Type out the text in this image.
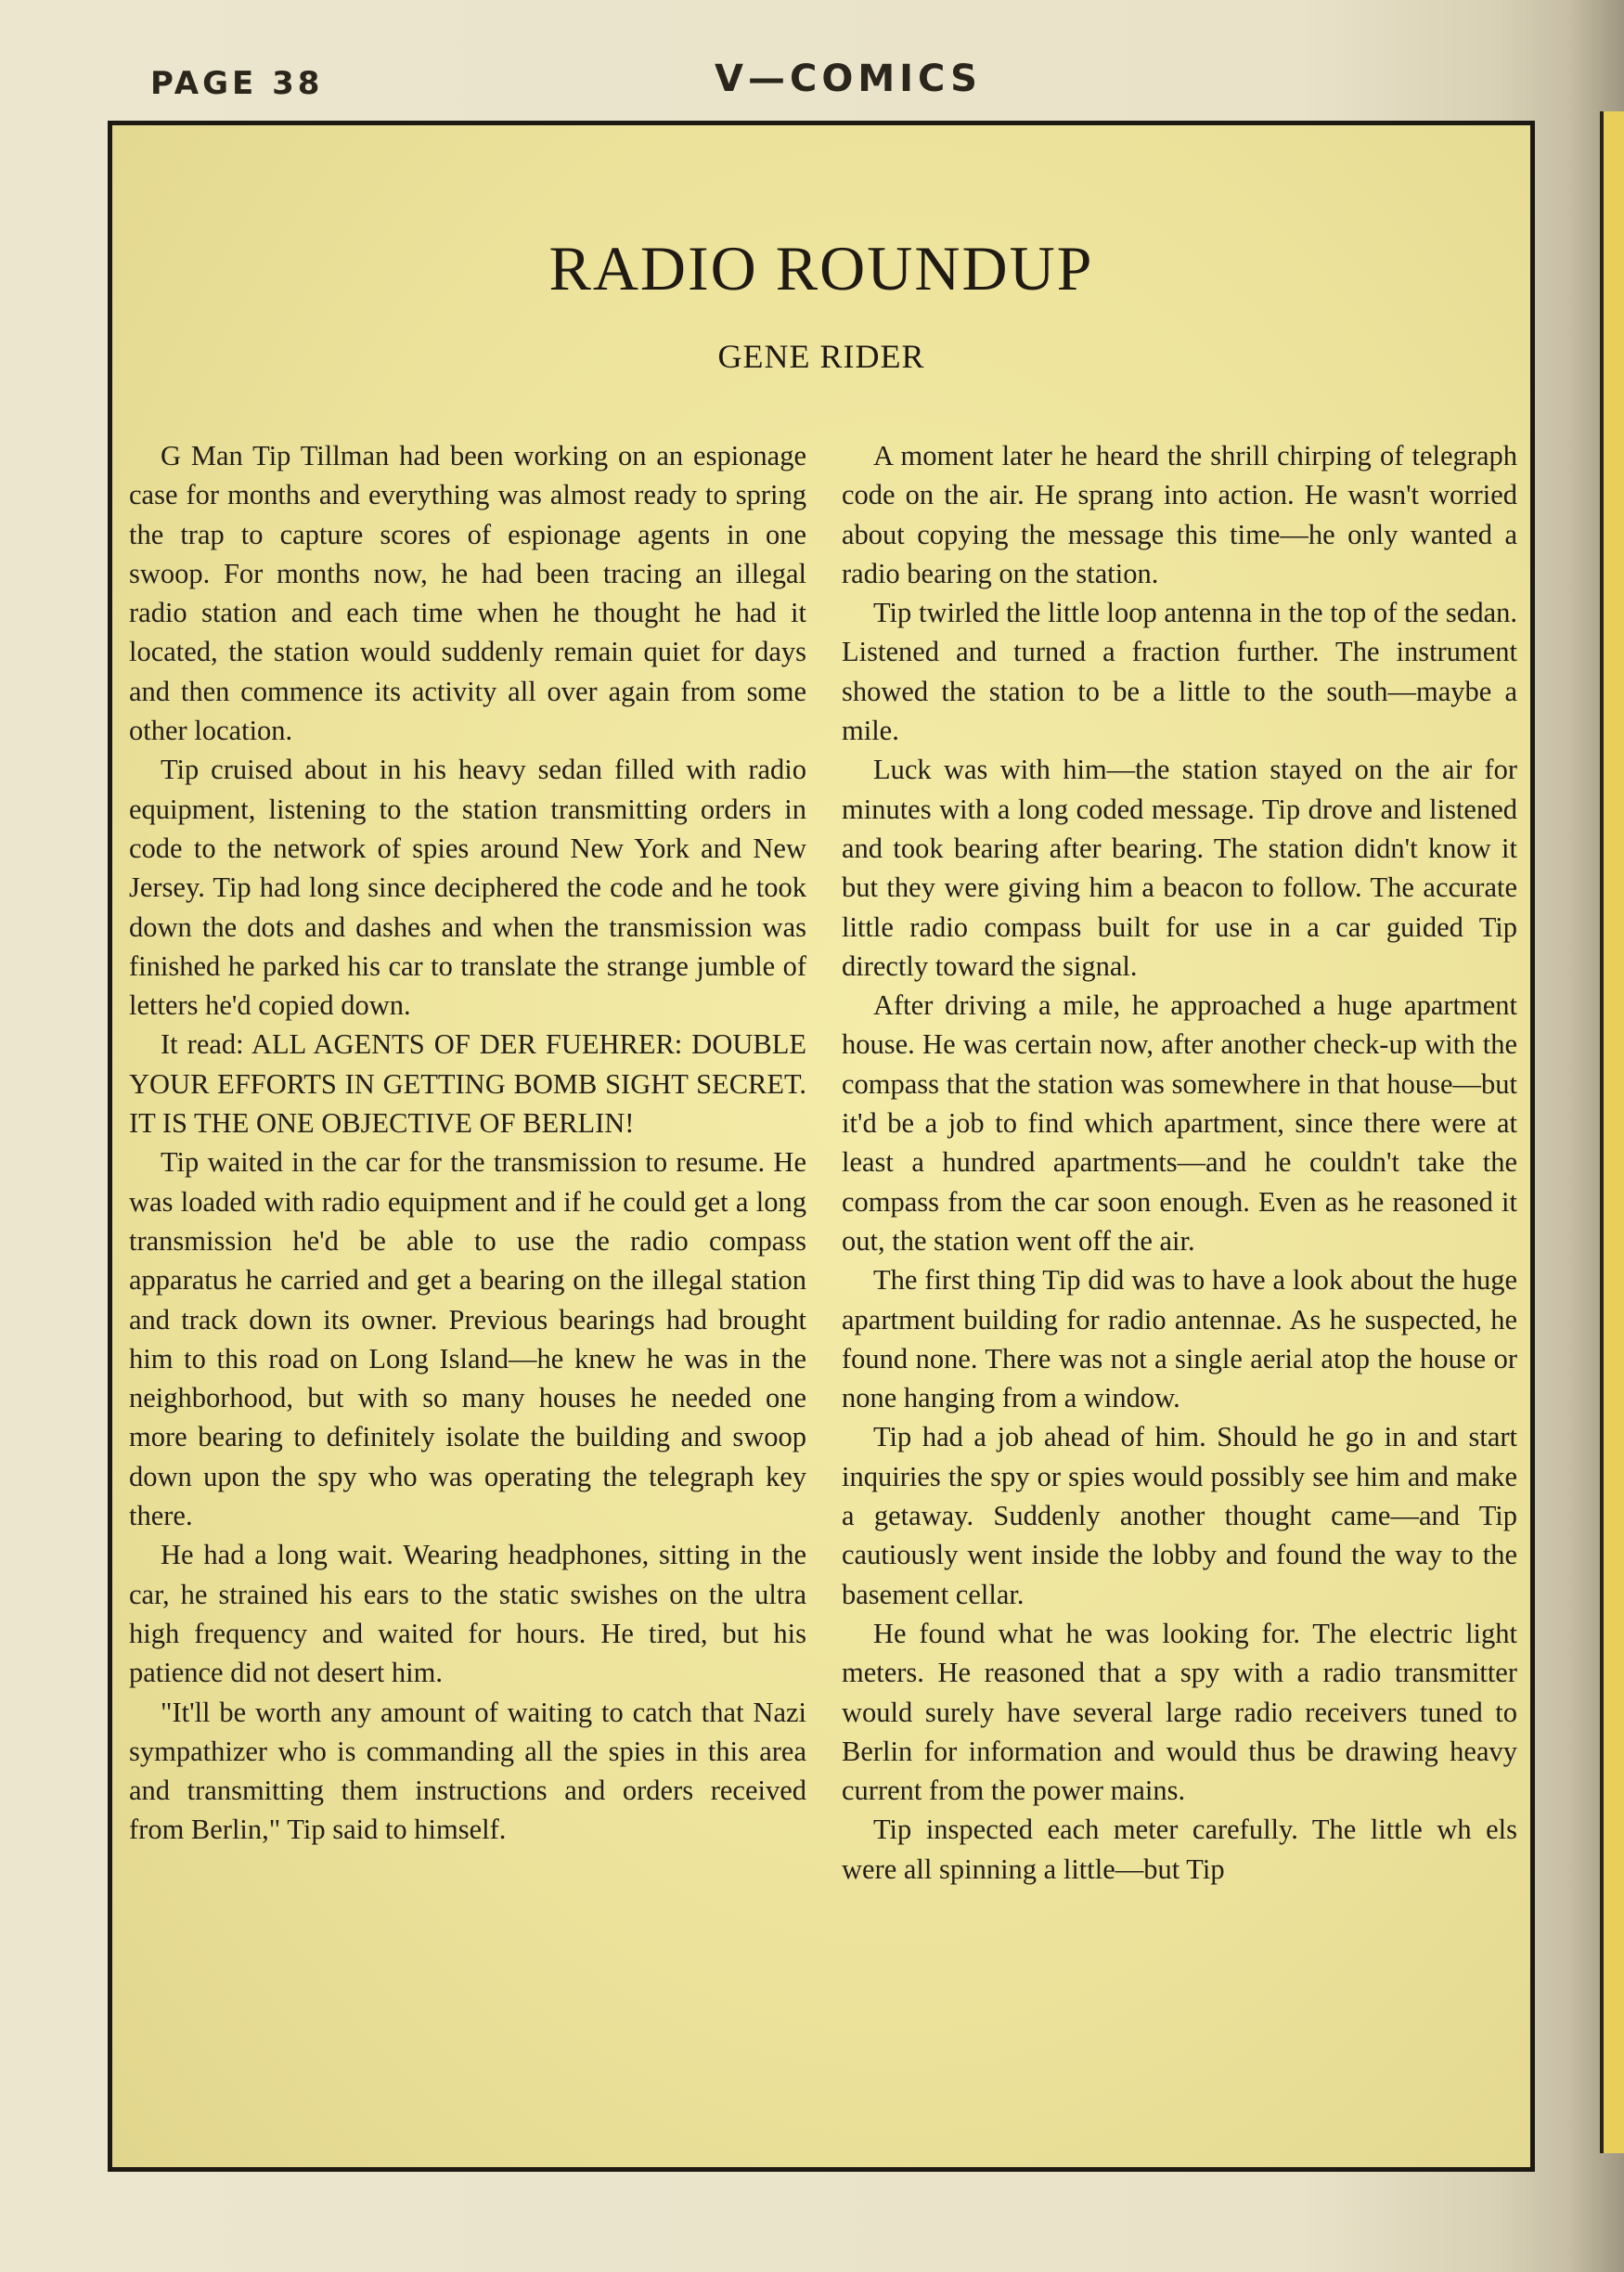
PAGE 38	V—COMICS
RADIO ROUNDUP
GENE RIDER

G Man Tip Tillman had been working on an espionage case for months and everything was almost ready to spring the trap to capture scores of espionage agents in one swoop. For months now, he had been tracing an illegal radio station and each time when he thought he had it located, the station would suddenly remain quiet for days and then commence its activity all over again from some other location.

Tip cruised about in his heavy sedan filled with radio equipment, listening to the station transmitting orders in code to the network of spies around New York and New Jersey. Tip had long since deciphered the code and he took down the dots and dashes and when the transmission was finished he parked his car to translate the strange jumble of letters he'd copied down.

It read: ALL AGENTS OF DER FUEHRER: DOUBLE YOUR EFFORTS IN GETTING BOMB SIGHT SECRET. IT IS THE ONE OBJECTIVE OF BERLIN!

Tip waited in the car for the transmission to resume. He was loaded with radio equipment and if he could get a long transmission he'd be able to use the radio compass apparatus he carried and get a bearing on the illegal station and track down its owner. Previous bearings had brought him to this road on Long Island—he knew he was in the neighborhood, but with so many houses he needed one more bearing to definitely isolate the building and swoop down upon the spy who was operating the telegraph key there.

He had a long wait. Wearing headphones, sitting in the car, he strained his ears to the static swishes on the ultra high frequency and waited for hours. He tired, but his patience did not desert him.

"It'll be worth any amount of waiting to catch that Nazi sympathizer who is commanding all the spies in this area and transmitting them instructions and orders received from Berlin," Tip said to himself.

A moment later he heard the shrill chirping of telegraph code on the air. He sprang into action. He wasn't worried about copying the message this time—he only wanted a radio bearing on the station.

Tip twirled the little loop antenna in the top of the sedan. Listened and turned a fraction further. The instrument showed the station to be a little to the south—maybe a mile.

Luck was with him—the station stayed on the air for minutes with a long coded message. Tip drove and listened and took bearing after bearing. The station didn't know it but they were giving him a beacon to follow. The accurate little radio compass built for use in a car guided Tip directly toward the signal.

After driving a mile, he approached a huge apartment house. He was certain now, after another check-up with the compass that the station was somewhere in that house—but it'd be a job to find which apartment, since there were at least a hundred apartments—and he couldn't take the compass from the car soon enough. Even as he reasoned it out, the station went off the air.

The first thing Tip did was to have a look about the huge apartment building for radio antennae. As he suspected, he found none. There was not a single aerial atop the house or none hanging from a window.

Tip had a job ahead of him. Should he go in and start inquiries the spy or spies would possibly see him and make a getaway. Suddenly another thought came—and Tip cautiously went inside the lobby and found the way to the basement cellar.

He found what he was looking for. The electric light meters. He reasoned that a spy with a radio transmitter would surely have several large radio receivers tuned to Berlin for information and would thus be drawing heavy current from the power mains.

Tip inspected each meter carefully. The little wh els were all spinning a little—but Tip
